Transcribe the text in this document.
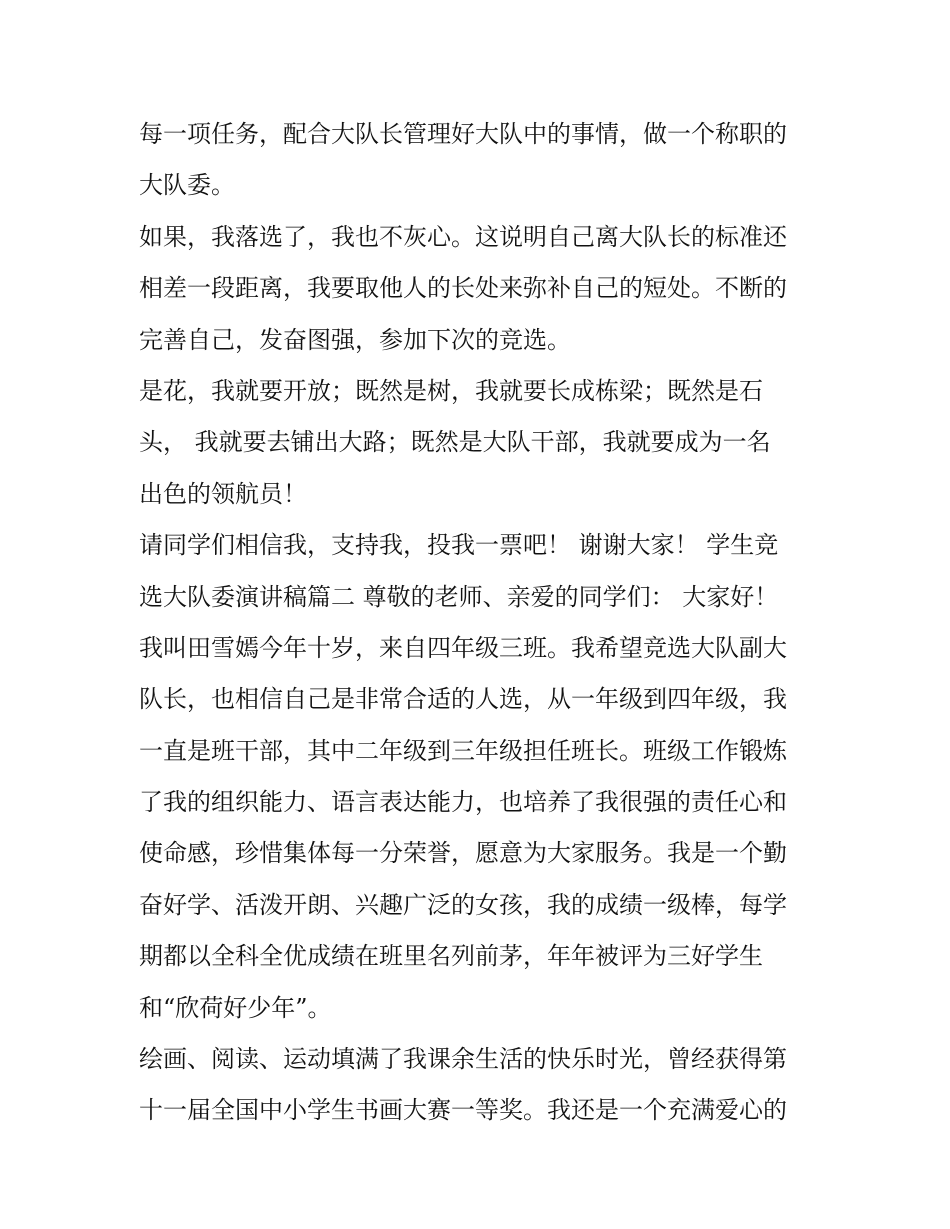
每一项任务，配合大队长管理好大队中的事情，做一个称职的
大队委。
如果，我落选了，我也不灰心。这说明自己离大队长的标准还
相差一段距离，我要取他人的长处来弥补自己的短处。不断的
完善自己，发奋图强，参加下次的竞选。
是花，我就要开放；既然是树，我就要长成栋梁；既然是石
头， 我就要去铺出大路；既然是大队干部，我就要成为一名
出色的领航员！
请同学们相信我，支持我，投我一票吧！ 谢谢大家！ 学生竞
选大队委演讲稿篇二 尊敬的老师、亲爱的同学们： 大家好！
我叫田雪嫣今年十岁，来自四年级三班。我希望竞选大队副大
队长，也相信自己是非常合适的人选，从一年级到四年级，我
一直是班干部，其中二年级到三年级担任班长。班级工作锻炼
了我的组织能力、语言表达能力，也培养了我很强的责任心和
使命感，珍惜集体每一分荣誉，愿意为大家服务。我是一个勤
奋好学、活泼开朗、兴趣广泛的女孩，我的成绩一级棒，每学
期都以全科全优成绩在班里名列前茅，年年被评为三好学生
和“欣荷好少年”。
绘画、阅读、运动填满了我课余生活的快乐时光，曾经获得第
十一届全国中小学生书画大赛一等奖。我还是一个充满爱心的
